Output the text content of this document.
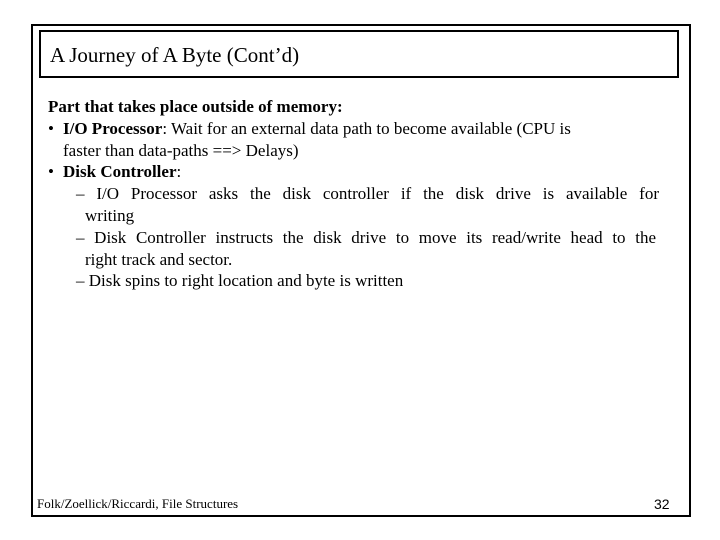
A Journey of A Byte (Cont’d)
Part that takes place outside of memory:
• I/O Processor: Wait for an external data path to become available (CPU is
faster than data-paths ==> Delays)
• Disk Controller:
– I/O Processor asks the disk controller if the disk drive is available for
writing
– Disk Controller instructs the disk drive to move its read/write head to the
right track and sector.
– Disk spins to right location and byte is written
Folk/Zoellick/Riccardi, File Structures	32
